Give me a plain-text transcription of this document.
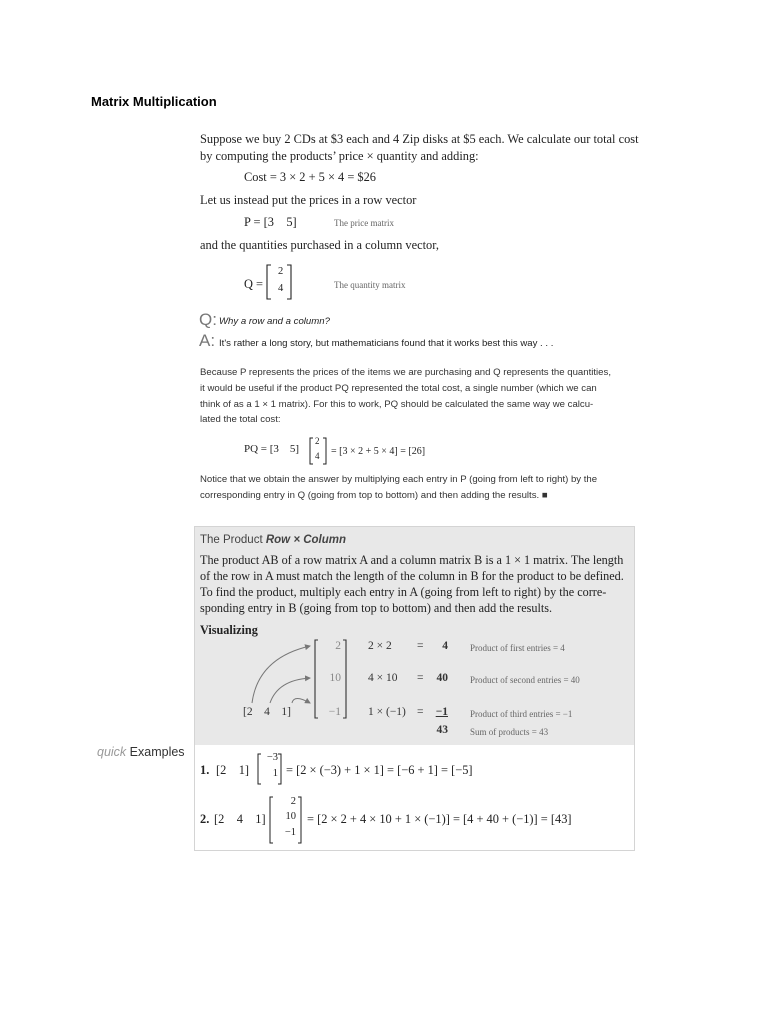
Matrix Multiplication
Suppose we buy 2 CDs at $3 each and 4 Zip disks at $5 each. We calculate our total cost
by computing the products’ price × quantity and adding:
Cost = 3 × 2 + 5 × 4 = $26
Let us instead put the prices in a row vector
P = [3    5]	The price matrix
and the quantities purchased in a column vector,
Q =
2
4	The quantity matrix
Q: Why a row and a column?
A: It's rather a long story, but mathematicians found that it works best this way . . .
Because P represents the prices of the items we are purchasing and Q represents the quantities,
it would be useful if the product PQ represented the total cost, a single number (which we can
think of as a 1 × 1 matrix). For this to work, PQ should be calculated the same way we calcu-
lated the total cost:
PQ = [3    5]
2
4 = [3 × 2 + 5 × 4] = [26]
Notice that we obtain the answer by multiplying each entry in P (going from left to right) by the
corresponding entry in Q (going from top to bottom) and then adding the results. ■
The Product Row × Column
The product AB of a row matrix A and a column matrix B is a 1 × 1 matrix. The length
of the row in A must match the length of the column in B for the product to be defined.
To find the product, multiply each entry in A (going from left to right) by the corre-
sponding entry in B (going from top to bottom) and then add the results.
Visualizing
[2    4    1]
2
10
−1
2 × 2
4 × 10
1 × (−1)
=
=
=
4
40
−1
43
Product of first entries = 4
Product of second entries = 40
Product of third entries = −1
Sum of products = 43
quick Examples
1. [2    1]
−3
1 = [2 × (−3) + 1 × 1] = [−6 + 1] = [−5]
2. [2    4    1]
2
10
−1
= [2 × 2 + 4 × 10 + 1 × (−1)] = [4 + 40 + (−1)] = [43]
